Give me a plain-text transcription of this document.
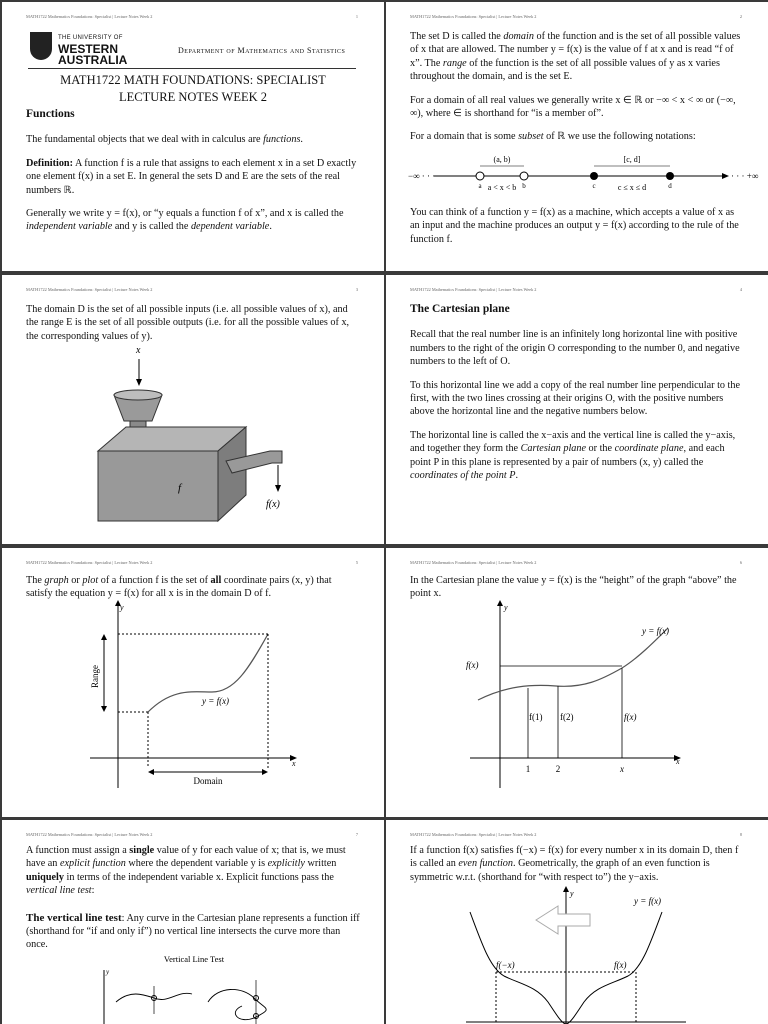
MATH1722 Mathematics Foundations: Specialist | Lecture Notes Week 2	1
THE UNIVERSITY OF
WESTERN
AUSTRALIA
Department of Mathematics and Statistics
MATH1722 MATH FOUNDATIONS: SPECIALIST
LECTURE NOTES WEEK 2
Functions

The fundamental objects that we deal with in calculus are functions.

Definition: A function f is a rule that assigns to each element x in a set D exactly one element f(x) in a set E. In general the sets D and E are the sets of the real numbers ℝ.

Generally we write y = f(x), or “y equals a function f of x”, and x is called the independent variable and y is called the dependent variable.

MATH1722 Mathematics Foundations: Specialist | Lecture Notes Week 2	2

The set D is called the domain of the function and is the set of all possible values of x that are allowed. The number y = f(x) is the value of f at x and is read “f of x”. The range of the function is the set of all possible values of y as x varies throughout the domain, and is the set E.

For a domain of all real values we generally write x ∈ ℝ or −∞ < x < ∞ or (−∞, ∞), where ∈ is shorthand for “is a member of”.

For a domain that is some subset of ℝ we use the following notations:

−∞ · · ·	· · · +∞
(a, b)	[c, d]
a	b	c	d
a < x < b	c ≤ x ≤ d

You can think of a function y = f(x) as a machine, which accepts a value of x as an input and the machine produces an output y = f(x) according to the rule of the function f.

MATH1722 Mathematics Foundations: Specialist | Lecture Notes Week 2	3

The domain D is the set of all possible inputs (i.e. all possible values of x), and the range E is the set of all possible outputs (i.e. for all the possible values of x, the corresponding values of y).

x
f
f(x)
MATH1722 Mathematics Foundations: Specialist | Lecture Notes Week 2	4
The Cartesian plane

Recall that the real number line is an infinitely long horizontal line with positive numbers to the right of the origin O corresponding to the number 0, and negative numbers to the left of O.

To this horizontal line we add a copy of the real number line perpendicular to the first, with the two lines crossing at their origins O, with the positive numbers above the horizontal line and the negative numbers below.

The horizontal line is called the x−axis and the vertical line is called the y−axis, and together they form the Cartesian plane or the coordinate plane, and each point P in this plane is represented by a pair of numbers (x, y) called the coordinates of the point P.

MATH1722 Mathematics Foundations: Specialist | Lecture Notes Week 2	5

The graph or plot of a function f is the set of all coordinate pairs (x, y) that satisfy the equation y = f(x) for all x is in the domain D of f.

y
x
Range
Domain
y = f(x)
MATH1722 Mathematics Foundations: Specialist | Lecture Notes Week 2	6

In the Cartesian plane the value y = f(x) is the “height” of the graph “above” the point x.

y
x
y = f(x)
f(x)
f(1) f(2)	f(x)
1	2	x
MATH1722 Mathematics Foundations: Specialist | Lecture Notes Week 2	7

A function must assign a single value of y for each value of x; that is, we must have an explicit function where the dependent variable y is explicitly written uniquely in terms of the independent variable x. Explicit functions pass the vertical line test:

The vertical line test: Any curve in the Cartesian plane represents a function iff (shorthand for “if and only if”) no vertical line intersects the curve more than once.

Vertical Line Test
y
MATH1722 Mathematics Foundations: Specialist | Lecture Notes Week 2	8

If a function f(x) satisfies f(−x) = f(x) for every number x in its domain D, then f is called an even function. Geometrically, the graph of an even function is symmetric w.r.t. (shorthand for “with respect to”) the y−axis.

y
y = f(x)
f(−x)	f(x)
